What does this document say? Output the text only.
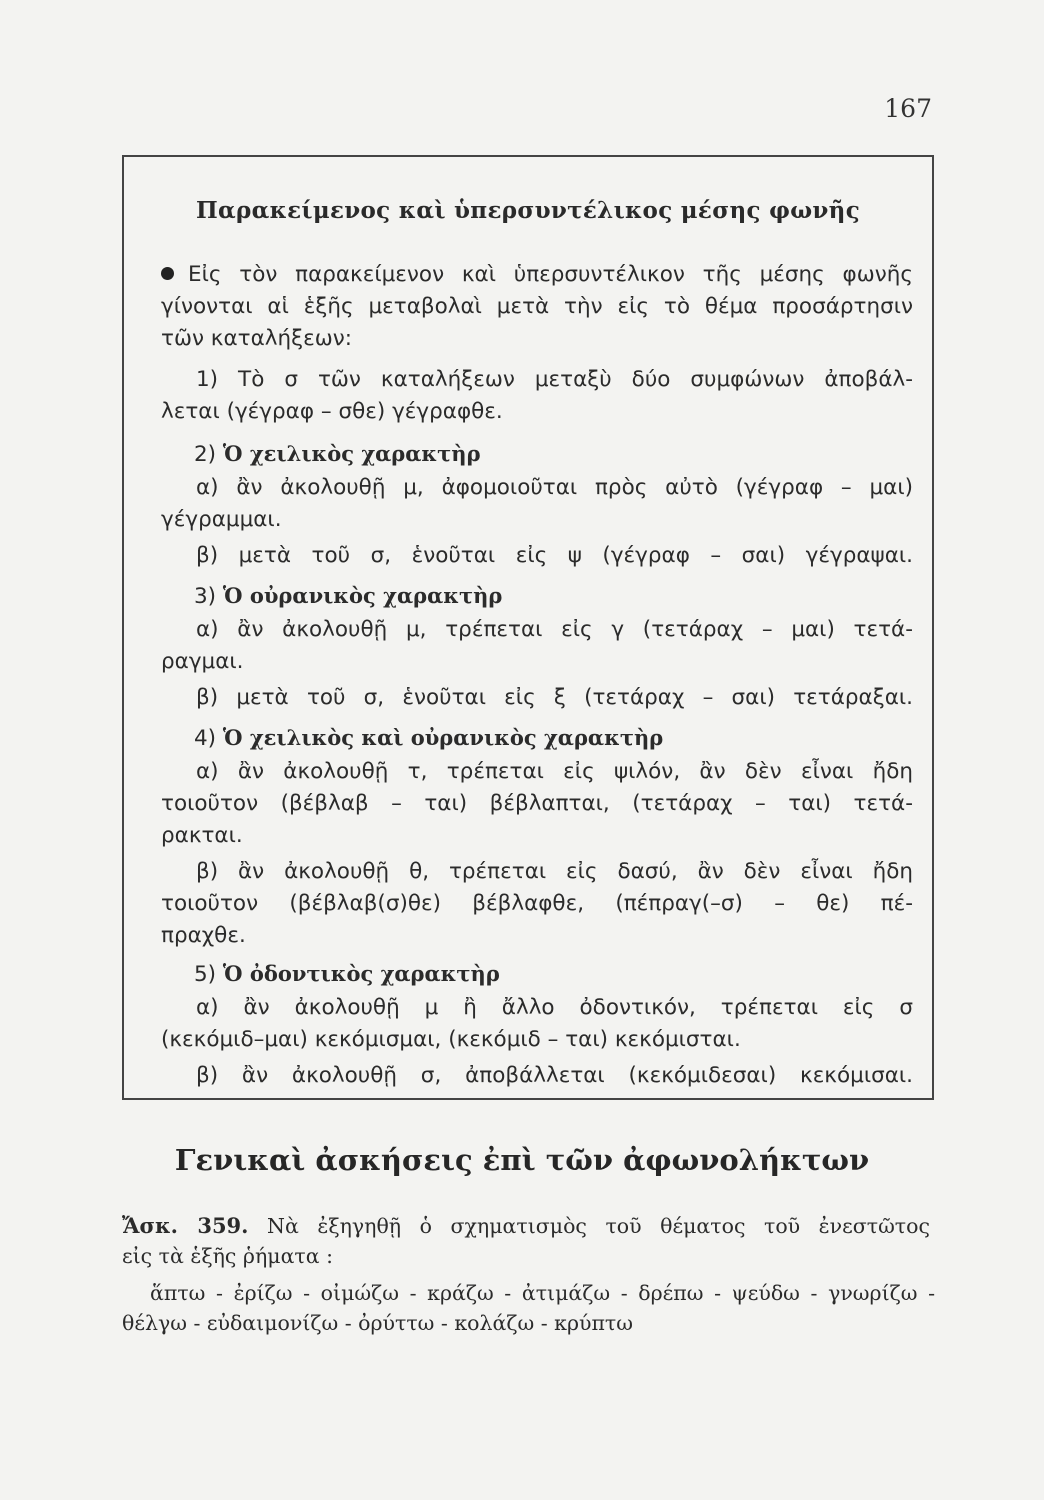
167
Παρακείμενος καὶ ὑπερσυντέλικος μέσης φωνῆς
Εἰς τὸν παρακείμενον καὶ ὑπερσυντέλικον τῆς μέσης φωνῆς
γίνονται αἱ ἑξῆς μεταβολαὶ μετὰ τὴν εἰς τὸ θέμα προσάρτησιν
τῶν καταλήξεων:
1) Τὸ σ τῶν καταλήξεων μεταξὺ δύο συμφώνων ἀποβάλ-
λεται (γέγραφ – σθε) γέγραφθε.
2) Ὁ χειλικὸς χαρακτὴρ
α) ἂν ἀκολουθῇ μ, ἀφομοιοῦται πρὸς αὐτὸ (γέγραφ – μαι)
γέγραμμαι.
β) μετὰ τοῦ σ, ἑνοῦται εἰς ψ (γέγραφ – σαι) γέγραψαι.
3) Ὁ οὐρανικὸς χαρακτὴρ
α) ἂν ἀκολουθῇ μ, τρέπεται εἰς γ (τετάραχ – μαι) τετά-
ραγμαι.
β) μετὰ τοῦ σ, ἑνοῦται εἰς ξ (τετάραχ – σαι) τετάραξαι.
4) Ὁ χειλικὸς καὶ οὐρανικὸς χαρακτὴρ
α) ἂν ἀκολουθῇ τ, τρέπεται εἰς ψιλόν, ἂν δὲν εἶναι ἤδη
τοιοῦτον (βέβλαβ – ται) βέβλαπται, (τετάραχ – ται) τετά-
ρακται.
β) ἂν ἀκολουθῇ θ, τρέπεται εἰς δασύ, ἂν δὲν εἶναι ἤδη
τοιοῦτον (βέβλαβ(σ)θε) βέβλαφθε, (πέπραγ(–σ) – θε) πέ-
πραχθε.
5) Ὁ ὀδοντικὸς χαρακτὴρ
α) ἂν ἀκολουθῇ μ ἢ ἄλλο ὀδοντικόν, τρέπεται εἰς σ
(κεκόμιδ–μαι) κεκόμισμαι, (κεκόμιδ – ται) κεκόμισται.
β) ἂν ἀκολουθῇ σ, ἀποβάλλεται (κεκόμιδεσαι) κεκόμισαι.
Γενικαὶ ἀσκήσεις ἐπὶ τῶν ἀφωνολήκτων
Ἄσκ. 359. Νὰ ἐξηγηθῇ ὁ σχηματισμὸς τοῦ θέματος τοῦ ἐνεστῶτος
εἰς τὰ ἑξῆς ῥήματα :
ἅπτω - ἐρίζω - οἰμώζω - κράζω - ἀτιμάζω - δρέπω - ψεύδω - γνωρίζω -
θέλγω - εὐδαιμονίζω - ὀρύττω - κολάζω - κρύπτω
